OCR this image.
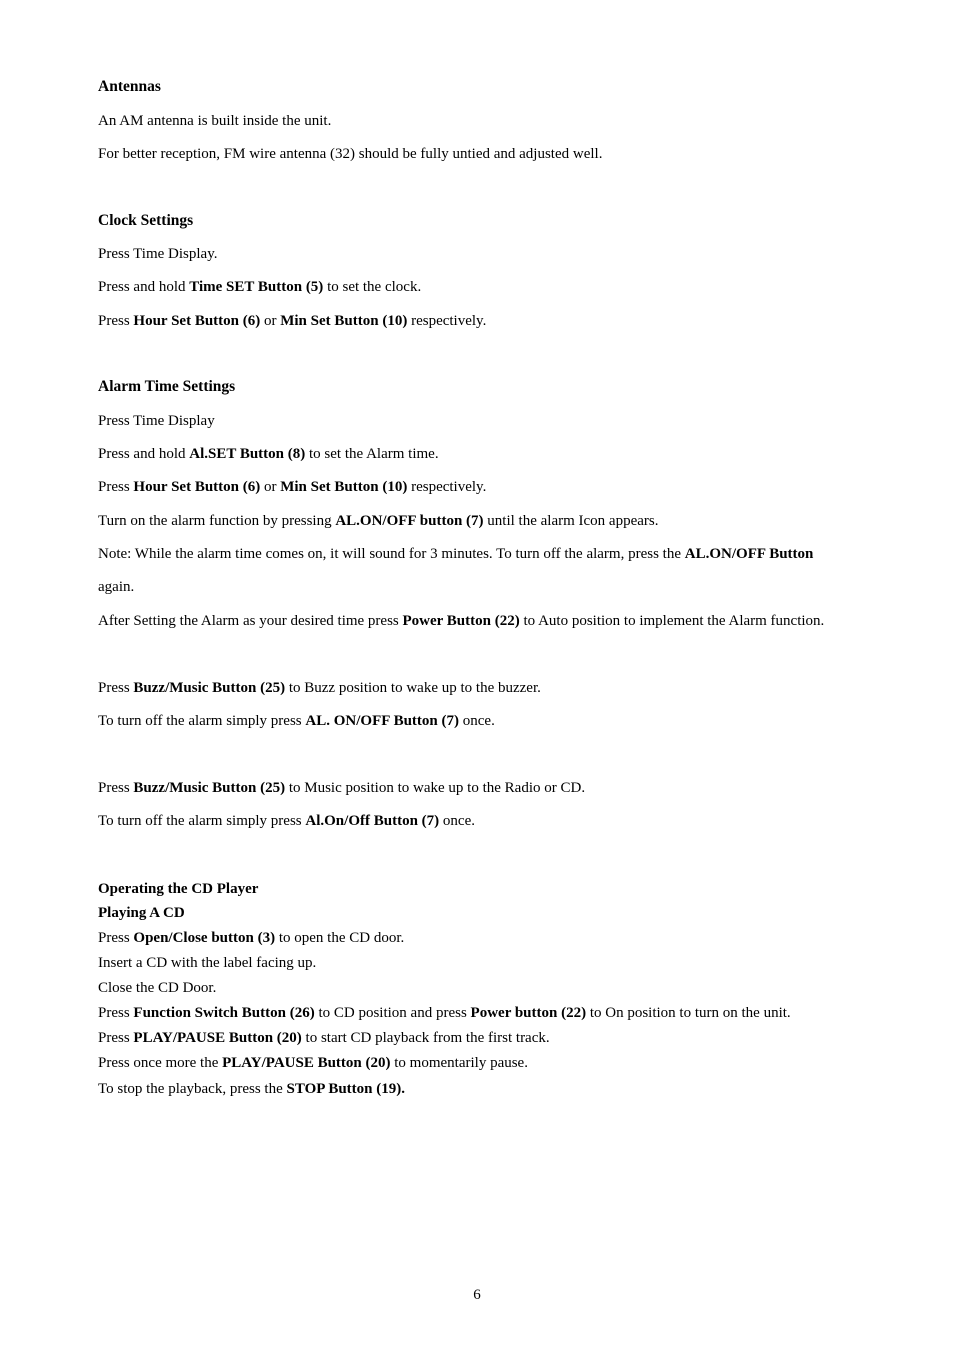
Antennas
An AM antenna is built inside the unit.
For better reception, FM wire antenna (32) should be fully untied and adjusted well.
Clock Settings
Press Time Display.
Press and hold Time SET Button (5) to set the clock.
Press Hour Set Button (6) or Min Set Button (10) respectively.
Alarm Time Settings
Press Time Display
Press and hold Al.SET Button (8) to set the Alarm time.
Press Hour Set Button (6) or Min Set Button (10) respectively.
Turn on the alarm function by pressing AL.ON/OFF button (7) until the alarm Icon appears.
Note: While the alarm time comes on, it will sound for 3 minutes. To turn off the alarm, press the AL.ON/OFF Button
again.
After Setting the Alarm as your desired time press Power Button (22) to Auto position to implement the Alarm function.
Press Buzz/Music Button (25) to Buzz position to wake up to the buzzer.
To turn off the alarm simply press AL. ON/OFF Button (7) once.
Press Buzz/Music Button (25) to Music position to wake up to the Radio or CD.
To turn off the alarm simply press Al.On/Off Button (7) once.
Operating the CD Player
Playing A CD
Press Open/Close button (3) to open the CD door.
Insert a CD with the label facing up.
Close the CD Door.
Press Function Switch Button (26) to CD position and press Power button (22) to On position to turn on the unit.
Press PLAY/PAUSE Button (20) to start CD playback from the first track.
Press once more the PLAY/PAUSE Button (20) to momentarily pause.
To stop the playback, press the STOP Button (19).
6
